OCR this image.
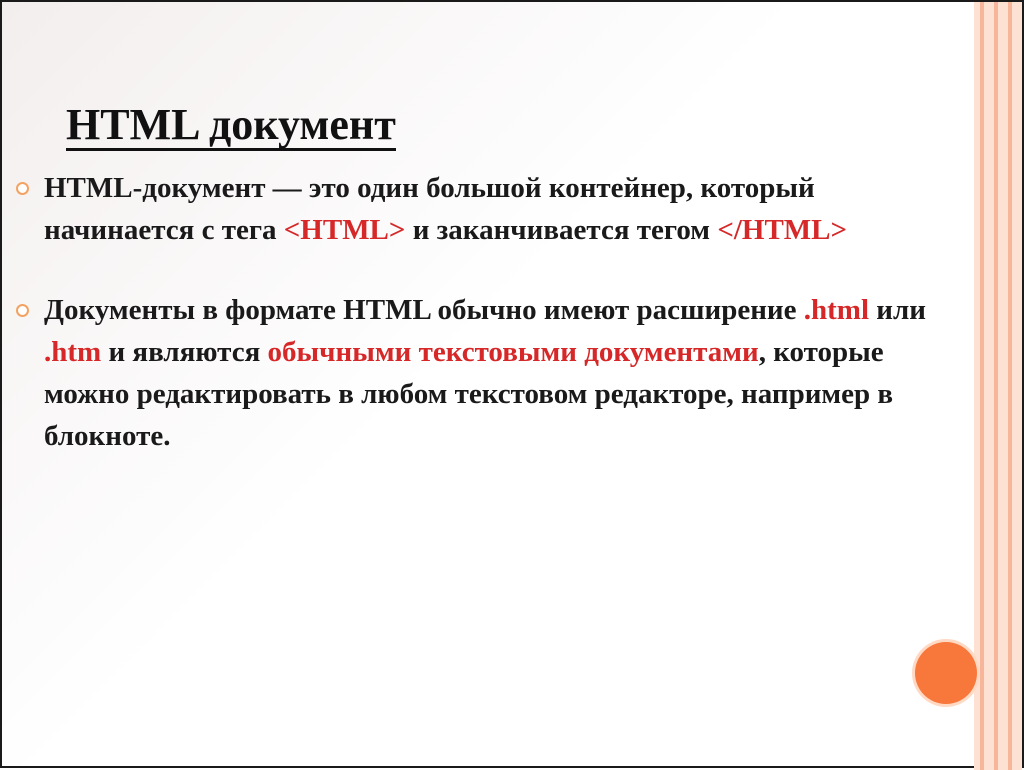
HTML документ
HTML-документ — это один большой контейнер, который начинается с тега <HTML> и заканчивается тегом </HTML>
Документы в формате HTML обычно имеют расширение .html или .htm и являются обычными текстовыми документами, которые можно редактировать в любом текстовом редакторе, например в блокноте.
